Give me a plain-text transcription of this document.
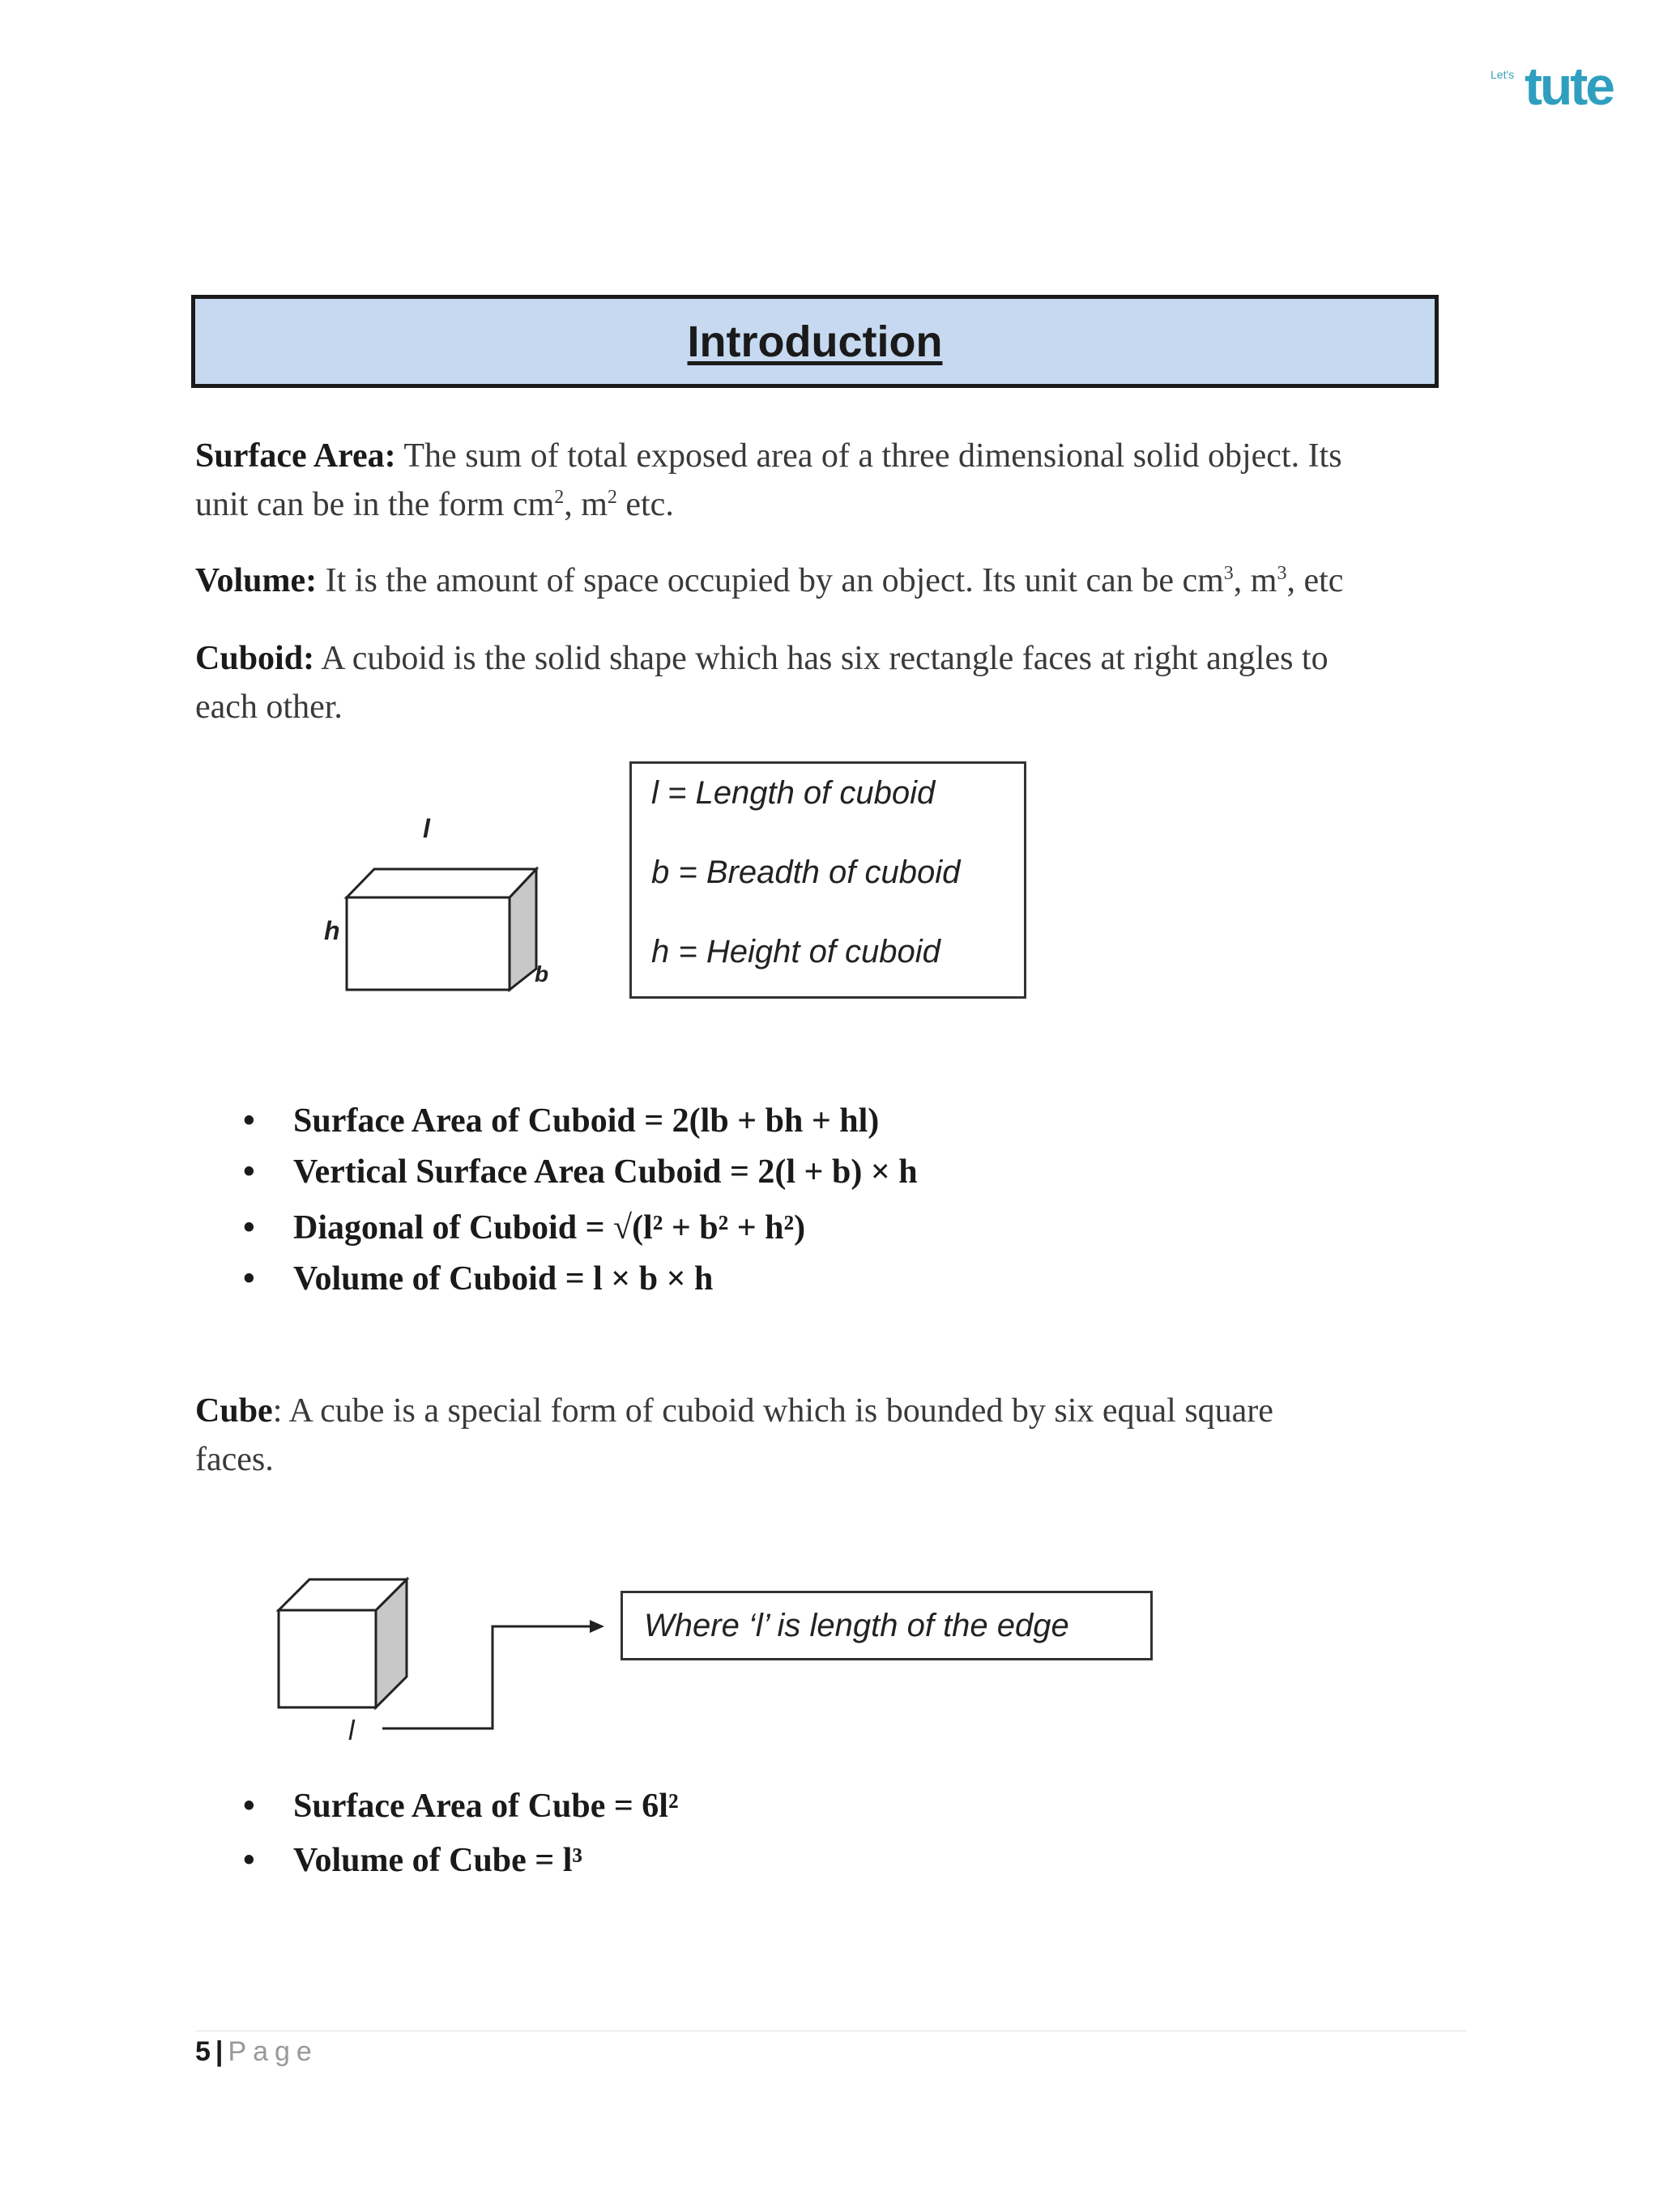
Let's tute
Introduction
Surface Area: The sum of total exposed area of a three dimensional solid object. Its
unit can be in the form $cm^2$, $m^2$ etc.
Volume: It is the amount of space occupied by an object. Its unit can be $cm^3$, $m^3$, etc
Cuboid: A cuboid is the solid shape which has six rectangle faces at right angles to
each other.
l
h
b
l = Length of cuboid
b = Breadth of cuboid
h = Height of cuboid
• Surface Area of Cuboid = 2(lb + bh + hl)
• Vertical Surface Area Cuboid = 2(l + b) × h
• Diagonal of Cuboid = √(l² + b² + h²)
• Volume of Cuboid = l × b × h
Cube: A cube is a special form of cuboid which is bounded by six equal square
faces.
l
Where ‘l’ is length of the edge
• Surface Area of Cube = 6l²
• Volume of Cube = l³
5 | Page
